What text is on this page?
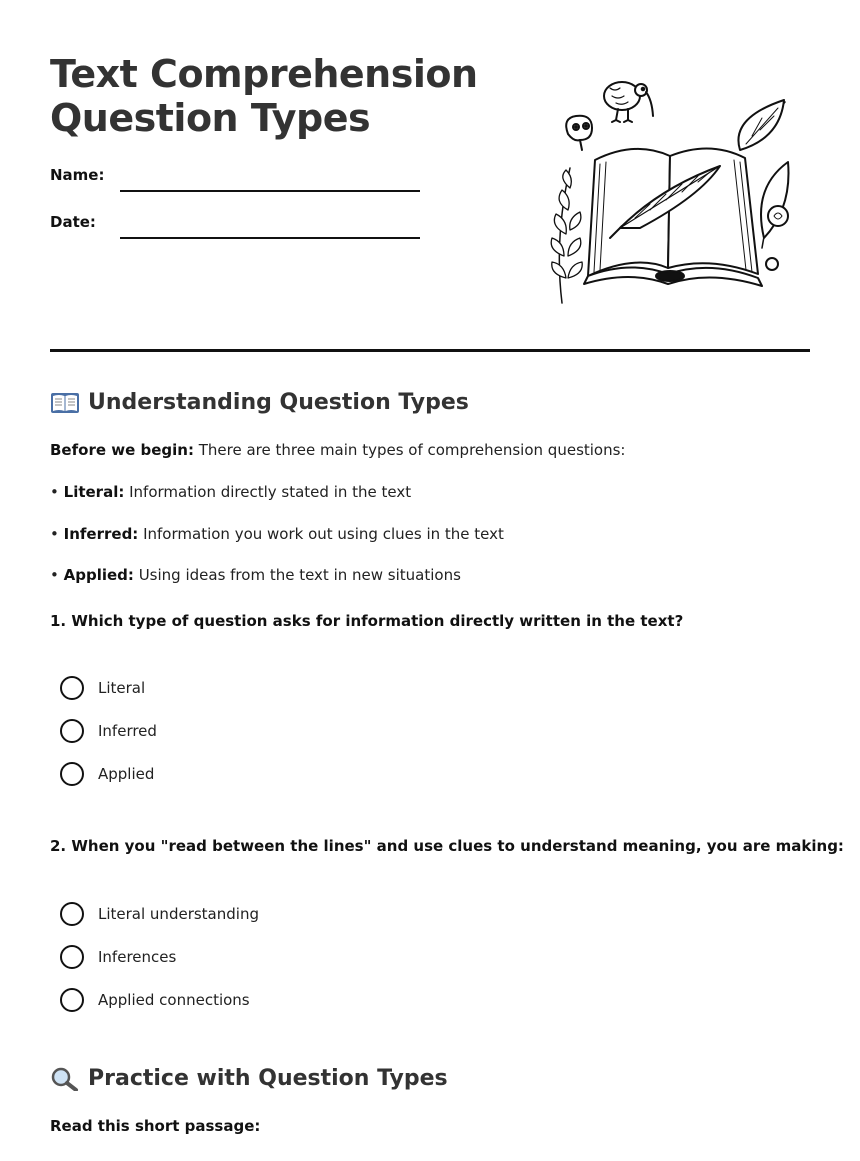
Text Comprehension
Question Types
Name:
Date:
Understanding Question Types

Before we begin: There are three main types of comprehension questions:

• Literal: Information directly stated in the text

• Inferred: Information you work out using clues in the text

• Applied: Using ideas from the text in new situations

1. Which type of question asks for information directly written in the text?

Literal
Inferred
Applied

2. When you "read between the lines" and use clues to understand meaning, you are making:

Literal understanding
Inferences
Applied connections
Practice with Question Types

Read this short passage:
